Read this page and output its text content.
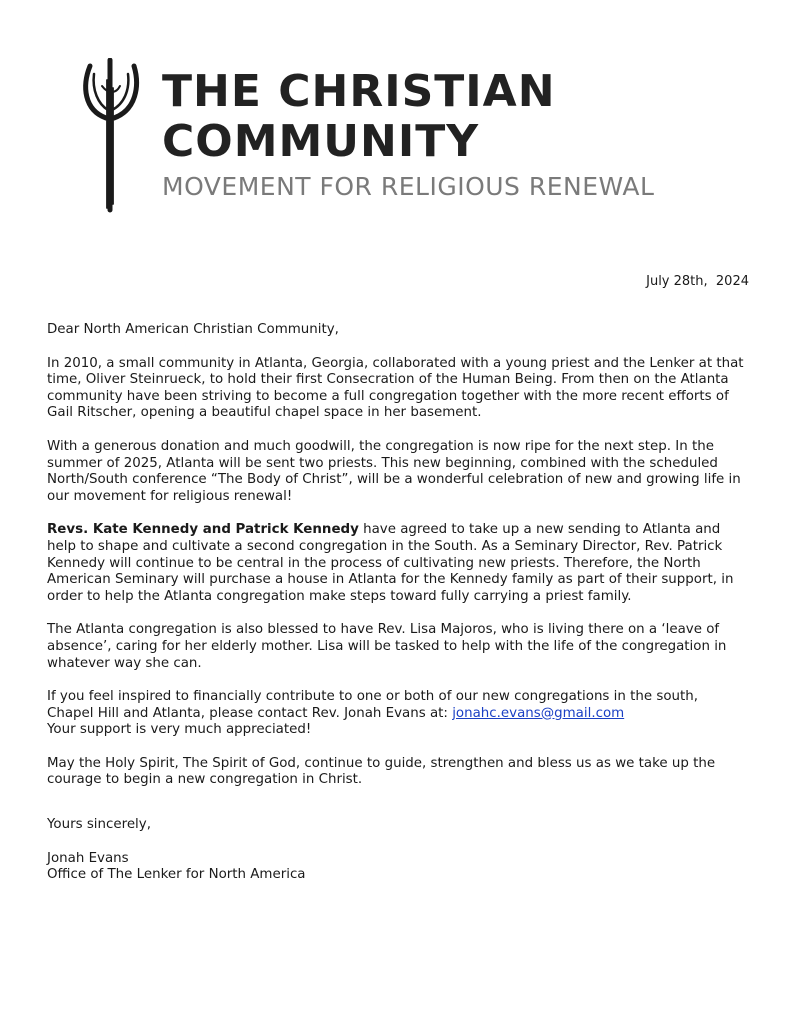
THE CHRISTIAN

COMMUNITY

MOVEMENT FOR RELIGIOUS RENEWAL

July 28th,  2024

Dear North American Christian Community,

In 2010, a small community in Atlanta, Georgia, collaborated with a young priest and the Lenker at that time, Oliver Steinrueck, to hold their first Consecration of the Human Being. From then on the Atlanta community have been striving to become a full congregation together with the more recent efforts of Gail Ritscher, opening a beautiful chapel space in her basement.

With a generous donation and much goodwill, the congregation is now ripe for the next step. In the summer of 2025, Atlanta will be sent two priests. This new beginning, combined with the scheduled North/South conference “The Body of Christ”, will be a wonderful celebration of new and growing life in our movement for religious renewal!

Revs. Kate Kennedy and Patrick Kennedy have agreed to take up a new sending to Atlanta and help to shape and cultivate a second congregation in the South. As a Seminary Director, Rev. Patrick Kennedy will continue to be central in the process of cultivating new priests. Therefore, the North American Seminary will purchase a house in Atlanta for the Kennedy family as part of their support, in order to help the Atlanta congregation make steps toward fully carrying a priest family.

The Atlanta congregation is also blessed to have Rev. Lisa Majoros, who is living there on a ‘leave of absence’, caring for her elderly mother. Lisa will be tasked to help with the life of the congregation in whatever way she can.

If you feel inspired to financially contribute to one or both of our new congregations in the south, Chapel Hill and Atlanta, please contact Rev. Jonah Evans at: jonahc.evans@gmail.com
Your support is very much appreciated!

May the Holy Spirit, The Spirit of God, continue to guide, strengthen and bless us as we take up the courage to begin a new congregation in Christ.

Yours sincerely,

Jonah Evans
Office of The Lenker for North America
